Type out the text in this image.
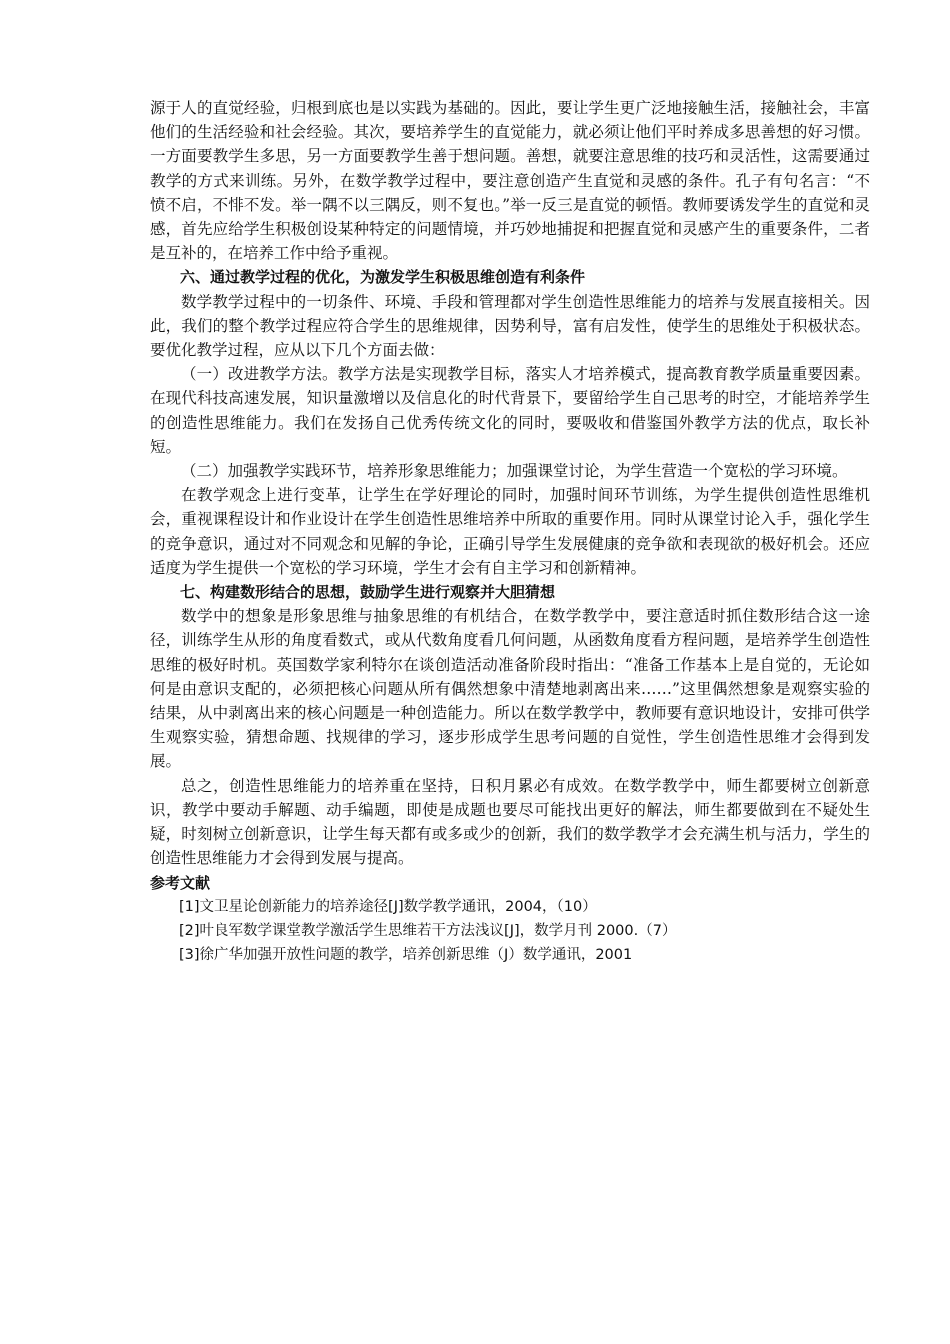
源于人的直觉经验，归根到底也是以实践为基础的。因此，要让学生更广泛地接触生活，接触社会，丰富他们的生活经验和社会经验。其次，要培养学生的直觉能力，就必须让他们平时养成多思善想的好习惯。一方面要教学生多思，另一方面要教学生善于想问题。善想，就要注意思维的技巧和灵活性，这需要通过教学的方式来训练。另外，在数学教学过程中，要注意创造产生直觉和灵感的条件。孔子有句名言：“不愤不启，不悱不发。举一隅不以三隅反，则不复也。”举一反三是直觉的顿悟。教师要诱发学生的直觉和灵感，首先应给学生积极创设某种特定的问题情境，并巧妙地捕捉和把握直觉和灵感产生的重要条件，二者是互补的，在培养工作中给予重视。

六、通过教学过程的优化，为激发学生积极思维创造有利条件

数学教学过程中的一切条件、环境、手段和管理都对学生创造性思维能力的培养与发展直接相关。因此，我们的整个教学过程应符合学生的思维规律，因势利导，富有启发性，使学生的思维处于积极状态。要优化教学过程，应从以下几个方面去做：

（一）改进教学方法。教学方法是实现教学目标，落实人才培养模式，提高教育教学质量重要因素。在现代科技高速发展，知识量激增以及信息化的时代背景下，要留给学生自己思考的时空，才能培养学生的创造性思维能力。我们在发扬自己优秀传统文化的同时，要吸收和借鉴国外教学方法的优点，取长补短。

（二）加强教学实践环节，培养形象思维能力；加强课堂讨论，为学生营造一个宽松的学习环境。

在教学观念上进行变革，让学生在学好理论的同时，加强时间环节训练，为学生提供创造性思维机会，重视课程设计和作业设计在学生创造性思维培养中所取的重要作用。同时从课堂讨论入手，强化学生的竞争意识，通过对不同观念和见解的争论，正确引导学生发展健康的竞争欲和表现欲的极好机会。还应适度为学生提供一个宽松的学习环境，学生才会有自主学习和创新精神。

七、构建数形结合的思想，鼓励学生进行观察并大胆猜想

数学中的想象是形象思维与抽象思维的有机结合，在数学教学中，要注意适时抓住数形结合这一途径，训练学生从形的角度看数式，或从代数角度看几何问题，从函数角度看方程问题，是培养学生创造性思维的极好时机。英国数学家利特尔在谈创造活动准备阶段时指出：“准备工作基本上是自觉的，无论如何是由意识支配的，必须把核心问题从所有偶然想象中清楚地剥离出来……”这里偶然想象是观察实验的结果，从中剥离出来的核心问题是一种创造能力。所以在数学教学中，教师要有意识地设计，安排可供学生观察实验，猜想命题、找规律的学习，逐步形成学生思考问题的自觉性，学生创造性思维才会得到发展。

总之，创造性思维能力的培养重在坚持，日积月累必有成效。在数学教学中，师生都要树立创新意识，教学中要动手解题、动手编题，即使是成题也要尽可能找出更好的解法，师生都要做到在不疑处生疑，时刻树立创新意识，让学生每天都有或多或少的创新，我们的数学教学才会充满生机与活力，学生的创造性思维能力才会得到发展与提高。

参考文献

[1]文卫星论创新能力的培养途径[J]数学教学通讯，2004，（10）

[2]叶良军数学课堂教学激活学生思维若干方法浅议[J]，数学月刊 2000.（7）

[3]徐广华加强开放性问题的教学，培养创新思维（J）数学通讯，2001
